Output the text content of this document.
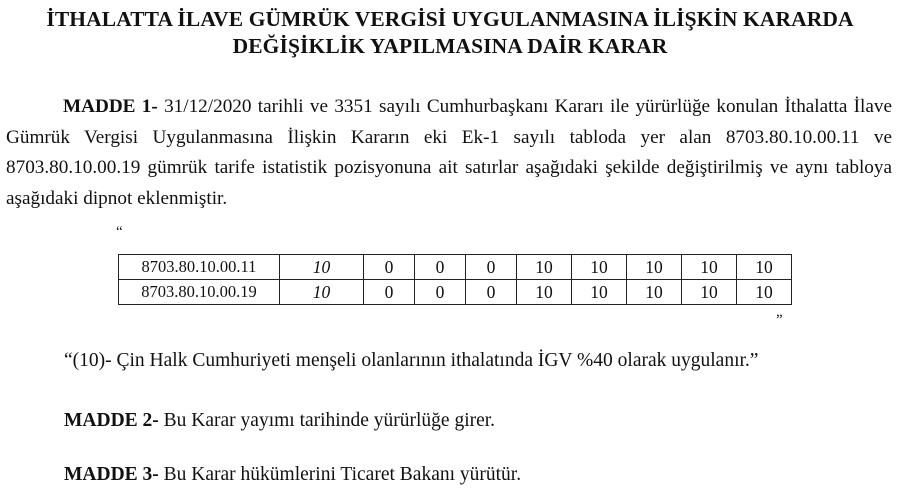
İTHALATTA İLAVE GÜMRÜK VERGİSİ UYGULANMASINA İLİŞKİN KARARDA
DEĞİŞİKLİK YAPILMASINA DAİR KARAR

MADDE 1- 31/12/2020 tarihli ve 3351 sayılı Cumhurbaşkanı Kararı ile yürürlüğe konulan İthalatta İlave Gümrük Vergisi Uygulanmasına İlişkin Kararın eki Ek-1 sayılı tabloda yer alan 8703.80.10.00.11 ve 8703.80.10.00.19 gümrük tarife istatistik pozisyonuna ait satırlar aşağıdaki şekilde değiştirilmiş ve aynı tabloya aşağıdaki dipnot eklenmiştir.

“
8703.80.10.00.11	10	0	0	0	10	10	10	10	10
8703.80.10.00.19	10	0	0	0	10	10	10	10	10
”
“(10)- Çin Halk Cumhuriyeti menşeli olanlarının ithalatında İGV %40 olarak uygulanır.”
MADDE 2- Bu Karar yayımı tarihinde yürürlüğe girer.
MADDE 3- Bu Karar hükümlerini Ticaret Bakanı yürütür.
